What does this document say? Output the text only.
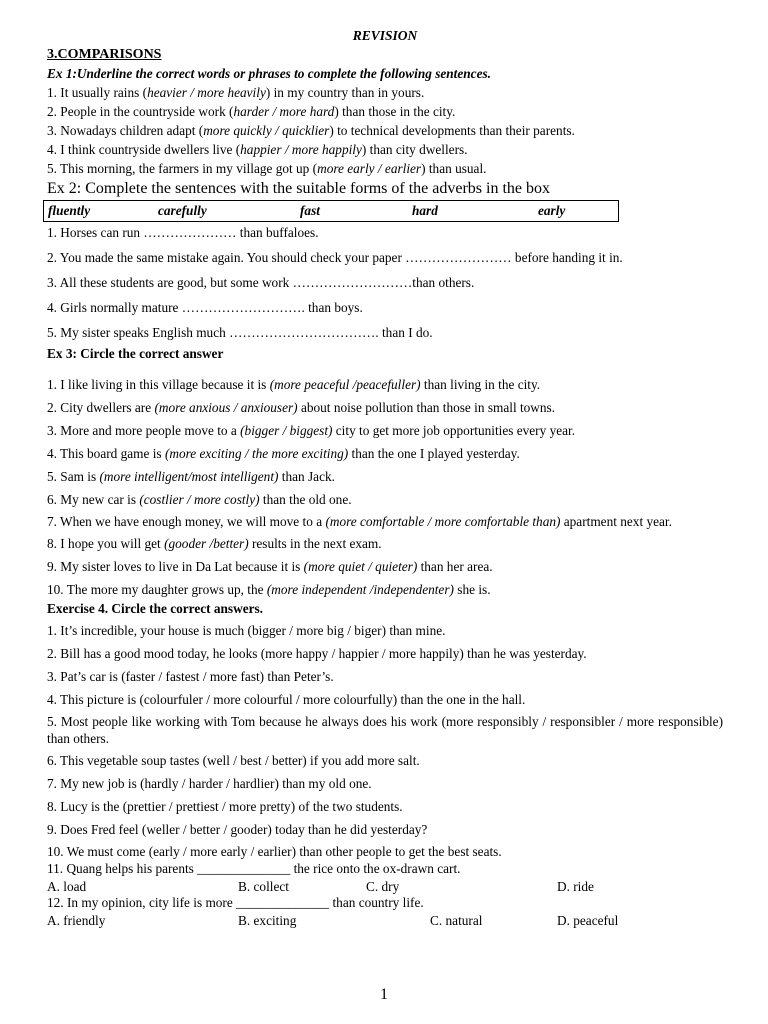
REVISION

3.COMPARISONS

Ex 1:Underline the correct words or phrases to complete the following sentences.

1. It usually rains (heavier / more heavily) in my country than in yours.

2. People in the countryside work (harder / more hard) than those in the city.

3. Nowadays children adapt (more quickly / quicklier) to technical developments than their parents.

4. I think countryside dwellers live (happier / more happily) than city dwellers.

5. This morning, the farmers in my village got up (more early / earlier) than usual.

Ex 2: Complete the sentences with the suitable forms of the adverbs in the box

fluently	carefully	fast	hard	early

1. Horses can run ………………… than buffaloes.

2. You made the same mistake again. You should check your paper …………………… before handing it in.

3. All these students are good, but some work ………………………than others.

4. Girls normally mature ………………………. than boys.

5. My sister speaks English much ……………………………. than I do.

Ex 3: Circle the correct answer

1. I like living in this village because it is (more peaceful /peacefuller) than living in the city.

2. City dwellers are (more anxious / anxiouser) about noise pollution than those in small towns.

3. More and more people move to a (bigger / biggest) city to get more job opportunities every year.

4. This board game is (more exciting / the more exciting) than the one I played yesterday.

5. Sam is (more intelligent/most intelligent) than Jack.

6. My new car is (costlier / more costly) than the old one.

7. When we have enough money, we will move to a (more comfortable / more comfortable than) apartment next year.

8. I hope you will get (gooder /better) results in the next exam.

9. My sister loves to live in Da Lat because it is (more quiet / quieter) than her area.

10. The more my daughter grows up, the (more independent /independenter) she is.

Exercise 4. Circle the correct answers.

1. It’s incredible, your house is much (bigger / more big / biger) than mine.

2. Bill has a good mood today, he looks (more happy / happier / more happily) than he was yesterday.

3. Pat’s car is (faster / fastest / more fast) than Peter’s.

4. This picture is (colourfuler / more colourful / more colourfully) than the one in the hall.

5. Most people like working with Tom because he always does his work (more responsibly / responsibler / more responsible) than others.

6. This vegetable soup tastes (well / best / better) if you add more salt.

7. My new job is (hardly / harder / hardlier) than my old one.

8. Lucy is the (prettier / prettiest / more pretty) of the two students.

9. Does Fred feel (weller / better / gooder) today than he did yesterday?

10. We must come (early / more early / earlier) than other people to get the best seats.

11. Quang helps his parents ______________ the rice onto the ox-drawn cart.

A. load	B. collect	C. dry	D. ride

12. In my opinion, city life is more ______________ than country life.

A. friendly	B. exciting	C. natural	D. peaceful
1
